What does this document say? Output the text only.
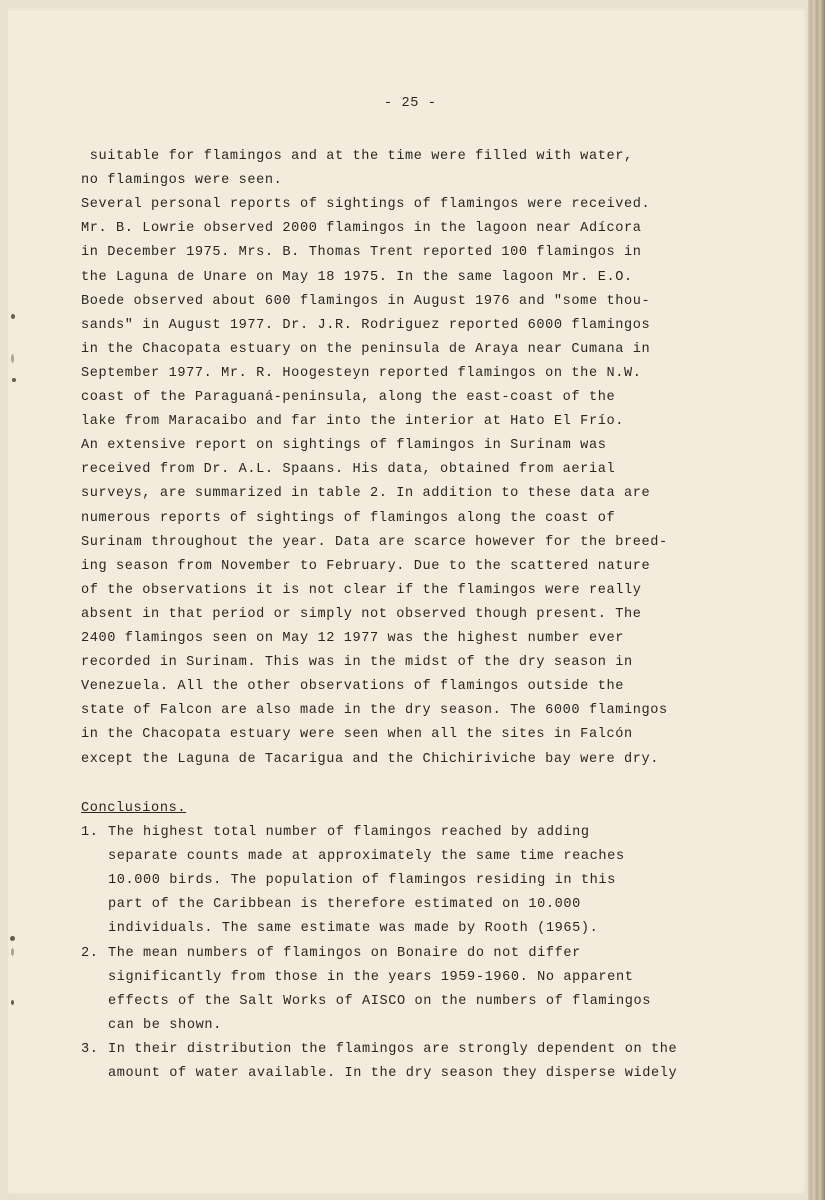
- 25 -
suitable for flamingos and at the time were filled with water,
no flamingos were seen.
Several personal reports of sightings of flamingos were received.
Mr. B. Lowrie observed 2000 flamingos in the lagoon near Adícora
in December 1975. Mrs. B. Thomas Trent reported 100 flamingos in
the Laguna de Unare on May 18 1975. In the same lagoon Mr. E.O.
Boede observed about 600 flamingos in August 1976 and "some thou-
sands" in August 1977. Dr. J.R. Rodriguez reported 6000 flamingos
in the Chacopata estuary on the peninsula de Araya near Cumana in
September 1977. Mr. R. Hoogesteyn reported flamingos on the N.W.
coast of the Paraguaná-peninsula, along the east-coast of the
lake from Maracaibo and far into the interior at Hato El Frío.
An extensive report on sightings of flamingos in Surinam was
received from Dr. A.L. Spaans. His data, obtained from aerial
surveys, are summarized in table 2. In addition to these data are
numerous reports of sightings of flamingos along the coast of
Surinam throughout the year. Data are scarce however for the breed-
ing season from November to February. Due to the scattered nature
of the observations it is not clear if the flamingos were really
absent in that period or simply not observed though present. The
2400 flamingos seen on May 12 1977 was the highest number ever
recorded in Surinam. This was in the midst of the dry season in
Venezuela. All the other observations of flamingos outside the
state of Falcon are also made in the dry season. The 6000 flamingos
in the Chacopata estuary were seen when all the sites in Falcón
except the Laguna de Tacarigua and the Chichiriviche bay were dry.
Conclusions.
1. The highest total number of flamingos reached by adding
separate counts made at approximately the same time reaches
10.000 birds. The population of flamingos residing in this
part of the Caribbean is therefore estimated on 10.000
individuals. The same estimate was made by Rooth (1965).
2. The mean numbers of flamingos on Bonaire do not differ
significantly from those in the years 1959-1960. No apparent
effects of the Salt Works of AISCO on the numbers of flamingos
can be shown.
3. In their distribution the flamingos are strongly dependent on the
amount of water available. In the dry season they disperse widely
